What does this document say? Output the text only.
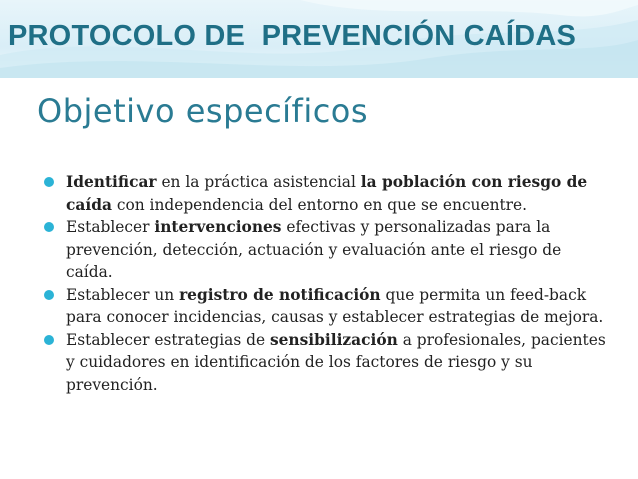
PROTOCOLO DE  PREVENCIÓN CAÍDAS
Objetivo específicos
Identificar en la práctica asistencial la población con riesgo de caída con independencia del entorno en que se encuentre.
Establecer intervenciones efectivas y personalizadas para la prevención, detección, actuación y evaluación ante el riesgo de caída.
Establecer un registro de notificación que permita un feed-back para conocer incidencias, causas y establecer estrategias de mejora.
Establecer estrategias de sensibilización a profesionales, pacientes y cuidadores en identificación de los factores de riesgo y su prevención.
